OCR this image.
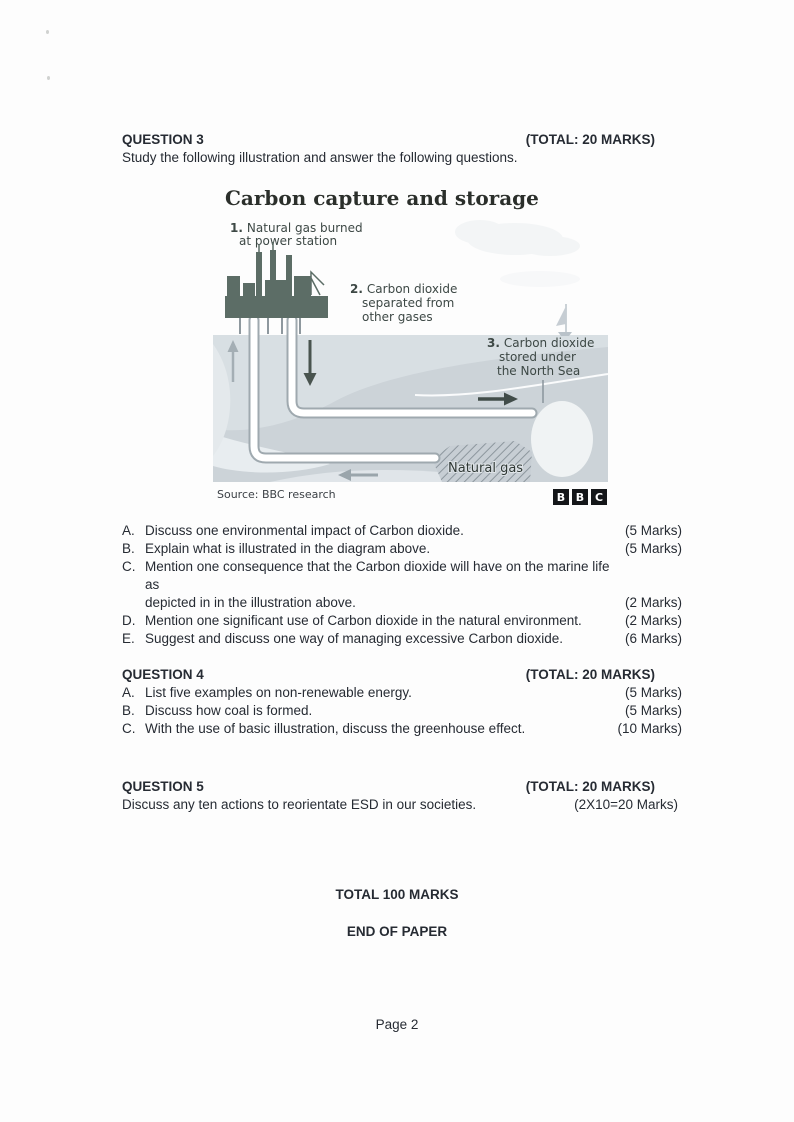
QUESTION 3	(TOTAL: 20 MARKS)
Study the following illustration and answer the following questions.
Carbon capture and storage
1. Natural gas burned
at power station
2. Carbon dioxide
separated from
other gases
Natural gas
3. Carbon dioxide
stored under
the North Sea
Source: BBC research	B B C
A. Discuss one environmental impact of Carbon dioxide.	(5 Marks)
B. Explain what is illustrated in the diagram above.	(5 Marks)
C. Mention one consequence that the Carbon dioxide will have on the marine life as
depicted in in the illustration above.	(2 Marks)
D. Mention one significant use of Carbon dioxide in the natural environment.	(2 Marks)
E. Suggest and discuss one way of managing excessive Carbon dioxide.	(6 Marks)
QUESTION 4	(TOTAL: 20 MARKS)
A. List five examples on non-renewable energy.	(5 Marks)
B. Discuss how coal is formed.	(5 Marks)
C. With the use of basic illustration, discuss the greenhouse effect.	(10 Marks)
QUESTION 5	(TOTAL: 20 MARKS)
Discuss any ten actions to reorientate ESD in our societies.	(2X10=20 Marks)
TOTAL 100 MARKS
END OF PAPER
Page 2
